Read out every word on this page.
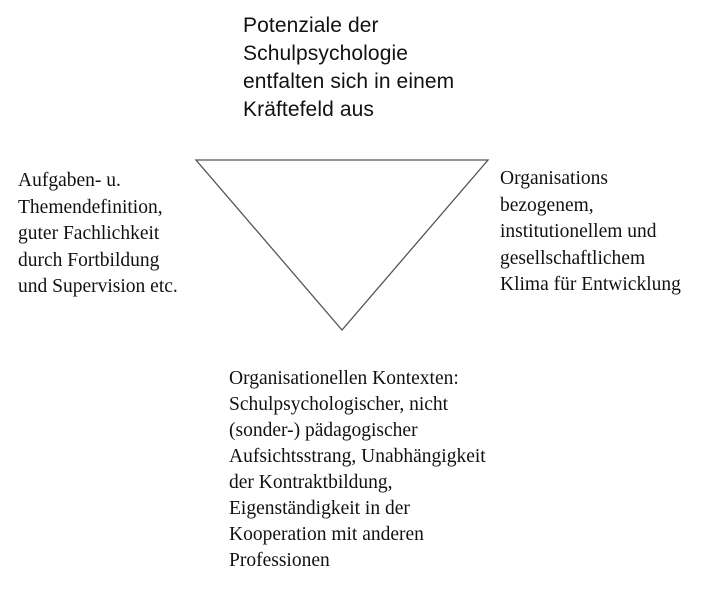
Potenziale der
Schulpsychologie
entfalten sich in einem
Kräftefeld aus
Aufgaben- u.
Themendefinition,
guter Fachlichkeit
durch Fortbildung
und Supervision etc.
Organisations
bezogenem,
institutionellem und
gesellschaftlichem
Klima für Entwicklung
Organisationellen Kontexten:
Schulpsychologischer, nicht
(sonder-) pädagogischer
Aufsichtsstrang, Unabhängigkeit
der Kontraktbildung,
Eigenständigkeit in der
Kooperation mit anderen
Professionen
